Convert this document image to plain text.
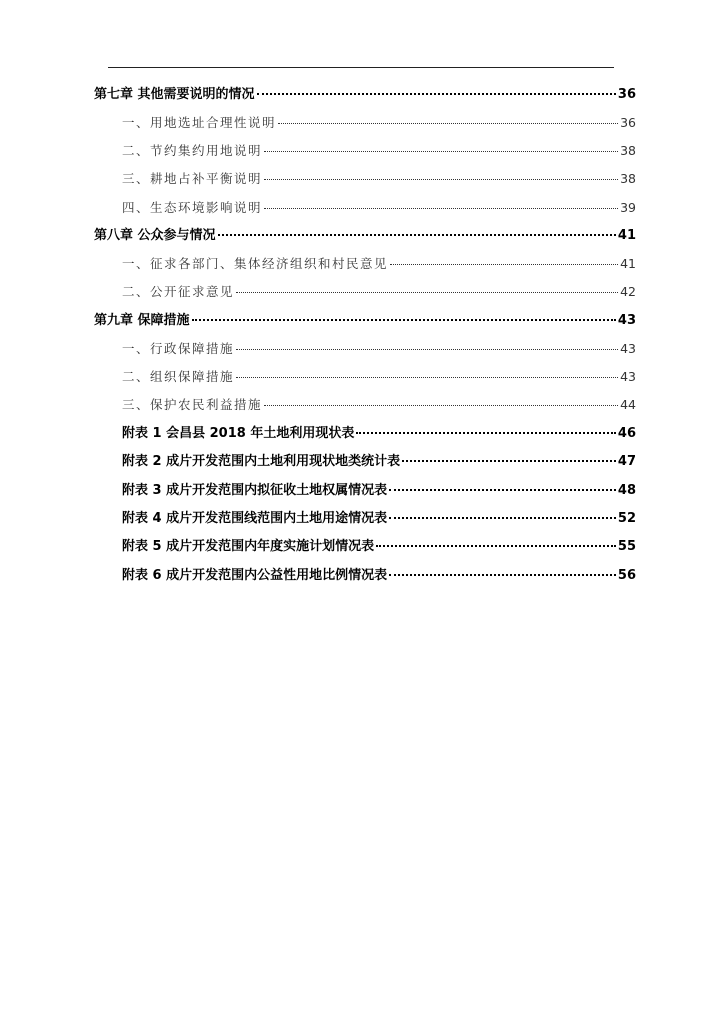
第七章 其他需要说明的情况	36
一、用地选址合理性说明	36
二、节约集约用地说明	38
三、耕地占补平衡说明	38
四、生态环境影响说明	39
第八章 公众参与情况	41
一、征求各部门、集体经济组织和村民意见	41
二、公开征求意见	42
第九章 保障措施	43
一、行政保障措施	43
二、组织保障措施	43
三、保护农民利益措施	44
附表 1 会昌县 2018 年土地利用现状表	46
附表 2 成片开发范围内土地利用现状地类统计表	47
附表 3 成片开发范围内拟征收土地权属情况表	48
附表 4 成片开发范围线范围内土地用途情况表	52
附表 5 成片开发范围内年度实施计划情况表	55
附表 6 成片开发范围内公益性用地比例情况表	56
